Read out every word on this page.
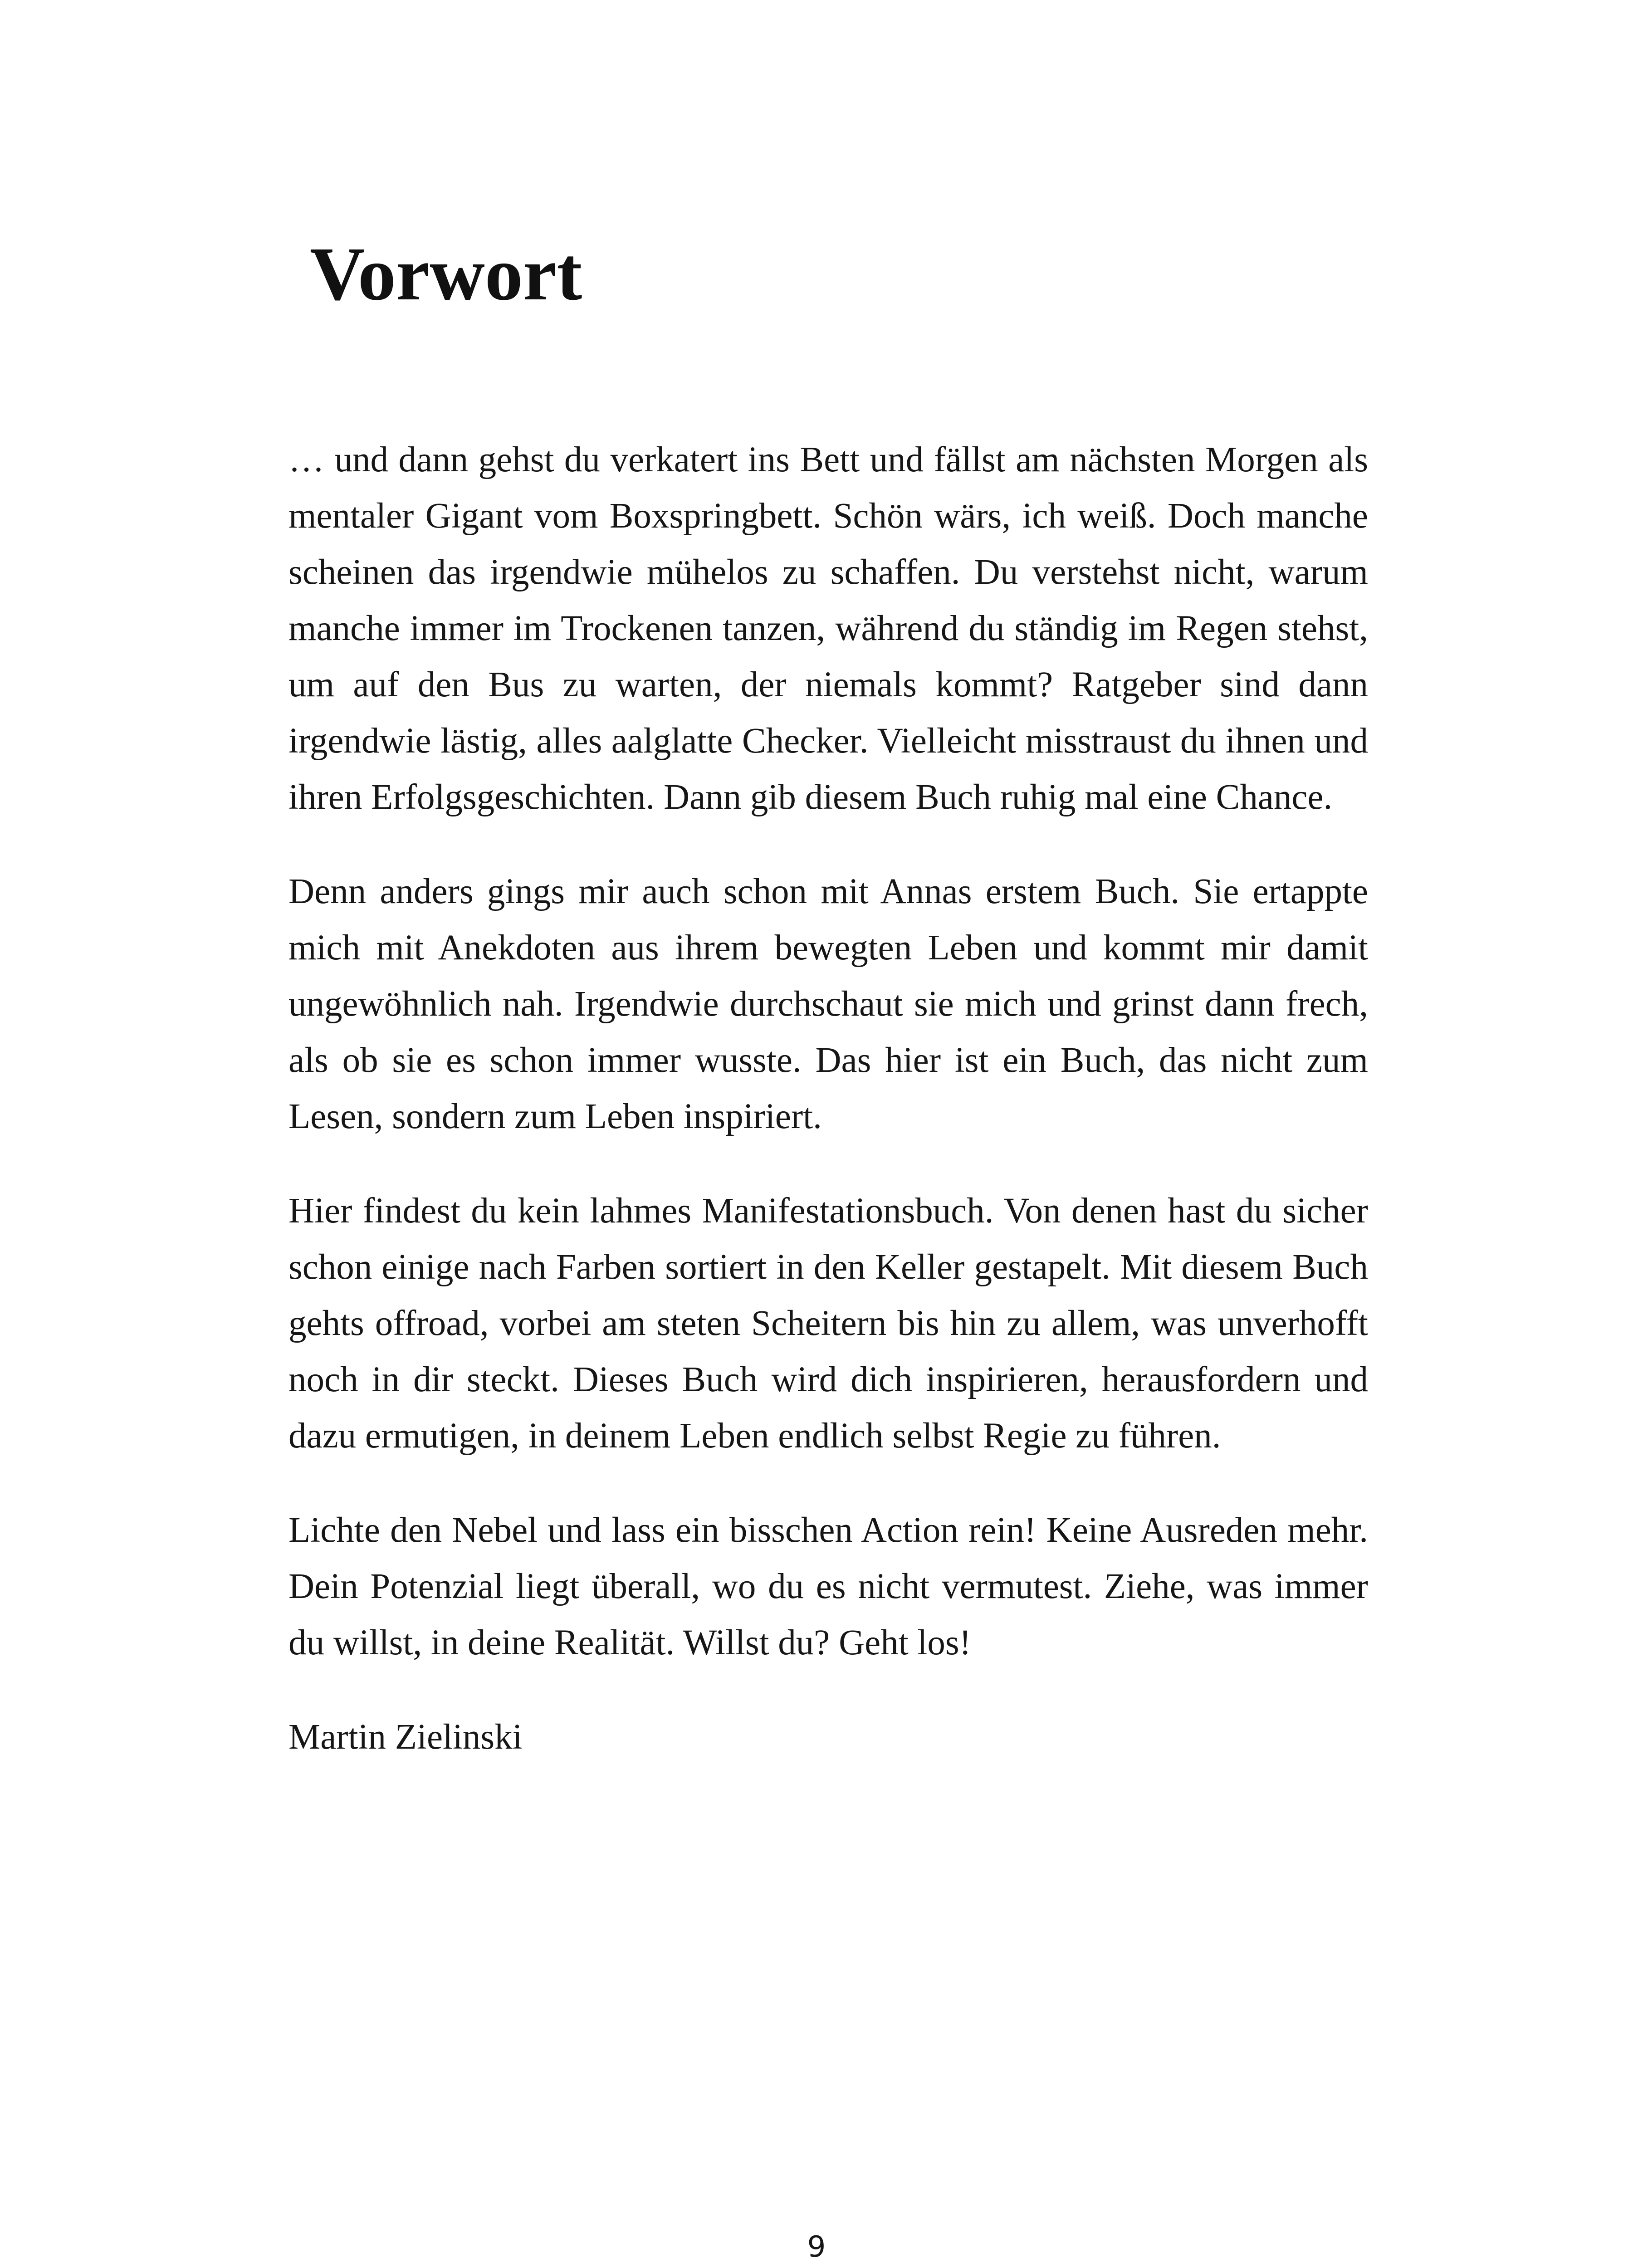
Vorwort

… und dann gehst du verkatert ins Bett und fällst am nächsten Morgen als mentaler Gigant vom Boxspringbett. Schön wärs, ich weiß. Doch manche scheinen das irgendwie mühelos zu schaffen. Du verstehst nicht, warum manche immer im Trockenen tanzen, während du ständig im Regen stehst, um auf den Bus zu warten, der niemals kommt? Ratgeber sind dann irgendwie lästig, alles aalglatte Checker. Vielleicht misstraust du ihnen und ihren Erfolgsgeschichten. Dann gib diesem Buch ruhig mal eine Chance.

Denn anders gings mir auch schon mit Annas erstem Buch. Sie ertappte mich mit Anekdoten aus ihrem bewegten Leben und kommt mir damit ungewöhnlich nah. Irgendwie durchschaut sie mich und grinst dann frech, als ob sie es schon immer wusste. Das hier ist ein Buch, das nicht zum Lesen, sondern zum Leben inspiriert.

Hier findest du kein lahmes Manifestationsbuch. Von denen hast du sicher schon einige nach Farben sortiert in den Keller gestapelt. Mit diesem Buch gehts offroad, vorbei am steten Scheitern bis hin zu allem, was unverhofft noch in dir steckt. Dieses Buch wird dich inspirieren, herausfordern und dazu ermutigen, in deinem Leben endlich selbst Regie zu führen.

Lichte den Nebel und lass ein bisschen Action rein! Keine Ausreden mehr. Dein Potenzial liegt überall, wo du es nicht vermutest. Ziehe, was immer du willst, in deine Realität. Willst du? Geht los!

Martin Zielinski

9
